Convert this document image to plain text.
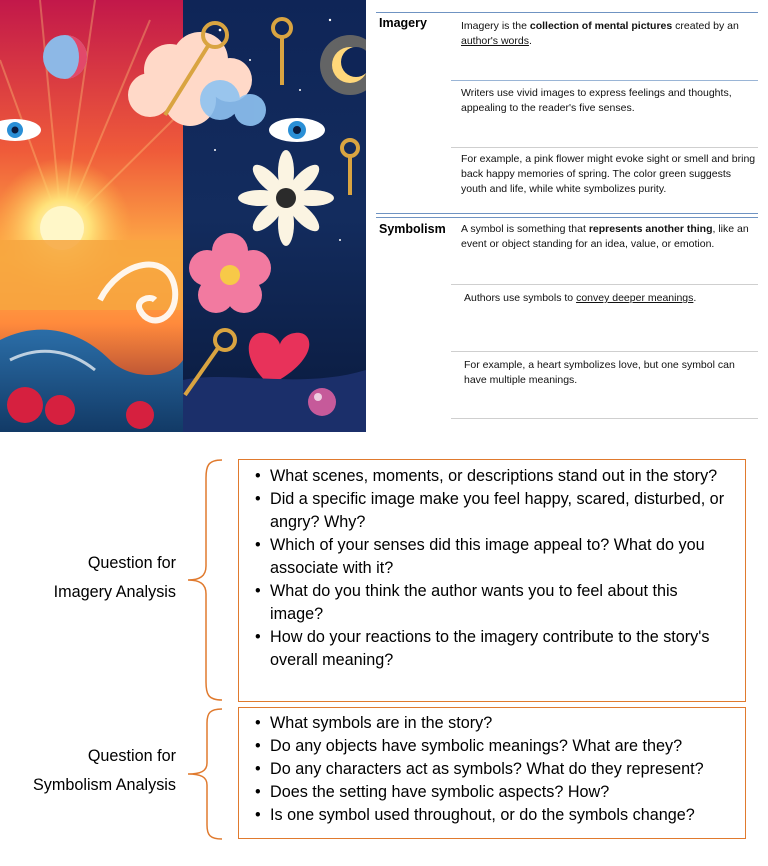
Imagery	Imagery is the collection of mental pictures created by an author's words.
Writers use vivid images to express feelings and thoughts, appealing to the reader's five senses.
For example, a pink flower might evoke sight or smell and bring back happy memories of spring. The color green suggests youth and life, while white symbolizes purity.
Symbolism A symbol is something that represents another thing, like an event or object standing for an idea, value, or emotion.
Authors use symbols to convey deeper meanings.
For example, a heart symbolizes love, but one symbol can have multiple meanings.
Question for
Imagery Analysis
• What scenes, moments, or descriptions stand out in the story?
• Did a specific image make you feel happy, scared, disturbed, or angry? Why?
• Which of your senses did this image appeal to? What do you associate with it?
• What do you think the author wants you to feel about this image?
• How do your reactions to the imagery contribute to the story's overall meaning?
Question for
Symbolism Analysis
• What symbols are in the story?
• Do any objects have symbolic meanings? What are they?
• Do any characters act as symbols? What do they represent?
• Does the setting have symbolic aspects? How?
• Is one symbol used throughout, or do the symbols change?
